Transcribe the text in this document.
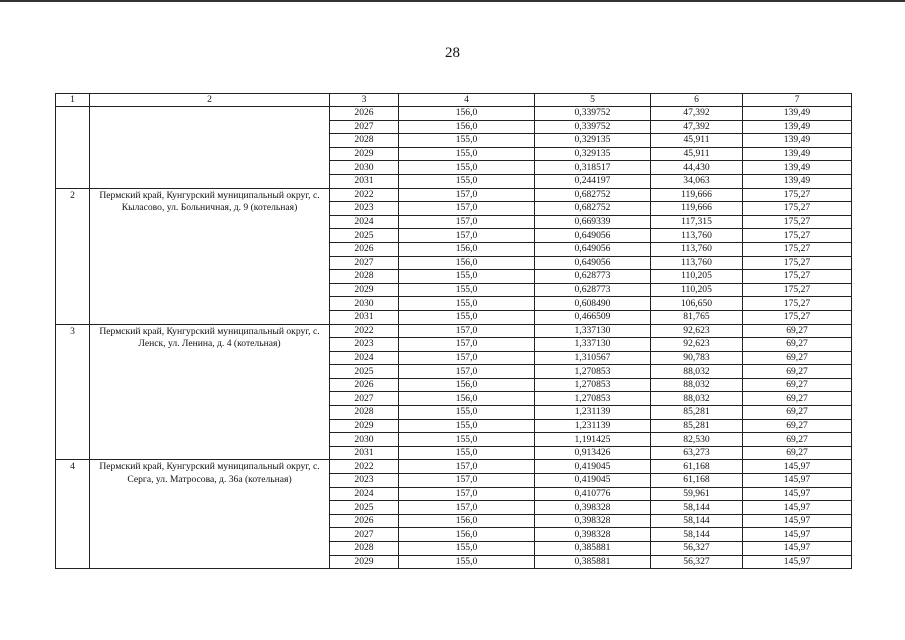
28
1	2	3	4	5	6	7
		2026	156,0	0,339752	47,392	139,49
		2027	156,0	0,339752	47,392	139,49
		2028	155,0	0,329135	45,911	139,49
		2029	155,0	0,329135	45,911	139,49
		2030	155,0	0,318517	44,430	139,49
		2031	155,0	0,244197	34,063	139,49
2	Пермский край, Кунгурский муниципальный округ, с. Кыласово, ул. Больничная, д. 9 (котельная)	2022	157,0	0,682752	119,666	175,27
		2023	157,0	0,682752	119,666	175,27
		2024	157,0	0,669339	117,315	175,27
		2025	157,0	0,649056	113,760	175,27
		2026	156,0	0,649056	113,760	175,27
		2027	156,0	0,649056	113,760	175,27
		2028	155,0	0,628773	110,205	175,27
		2029	155,0	0,628773	110,205	175,27
		2030	155,0	0,608490	106,650	175,27
		2031	155,0	0,466509	81,765	175,27
3	Пермский край, Кунгурский муниципальный округ, с. Ленск, ул. Ленина, д. 4 (котельная)	2022	157,0	1,337130	92,623	69,27
		2023	157,0	1,337130	92,623	69,27
		2024	157,0	1,310567	90,783	69,27
		2025	157,0	1,270853	88,032	69,27
		2026	156,0	1,270853	88,032	69,27
		2027	156,0	1,270853	88,032	69,27
		2028	155,0	1,231139	85,281	69,27
		2029	155,0	1,231139	85,281	69,27
		2030	155,0	1,191425	82,530	69,27
		2031	155,0	0,913426	63,273	69,27
4	Пермский край, Кунгурский муниципальный округ, с. Серга, ул. Матросова, д. 36а (котельная)	2022	157,0	0,419045	61,168	145,97
		2023	157,0	0,419045	61,168	145,97
		2024	157,0	0,410776	59,961	145,97
		2025	157,0	0,398328	58,144	145,97
		2026	156,0	0,398328	58,144	145,97
		2027	156,0	0,398328	58,144	145,97
		2028	155,0	0,385881	56,327	145,97
		2029	155,0	0,385881	56,327	145,97
